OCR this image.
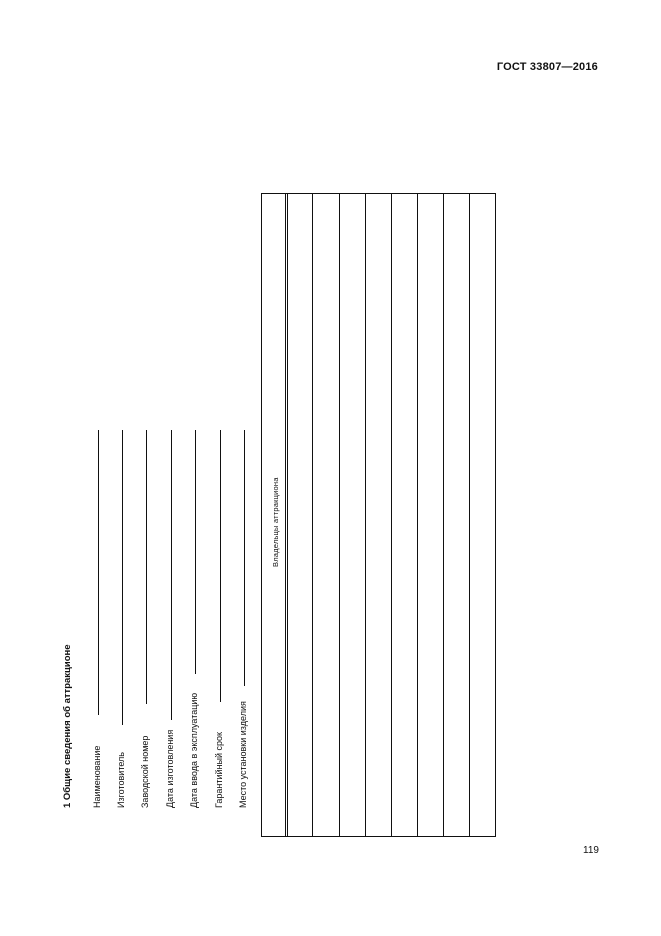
ГОСТ 33807—2016
1 Общие сведения об аттракционе Наименование Изготовитель Заводской номер Дата изготовления Дата ввода в эксплуатацию Гарантийный срок Место установки изделия
Владельцы аттракциона
119
